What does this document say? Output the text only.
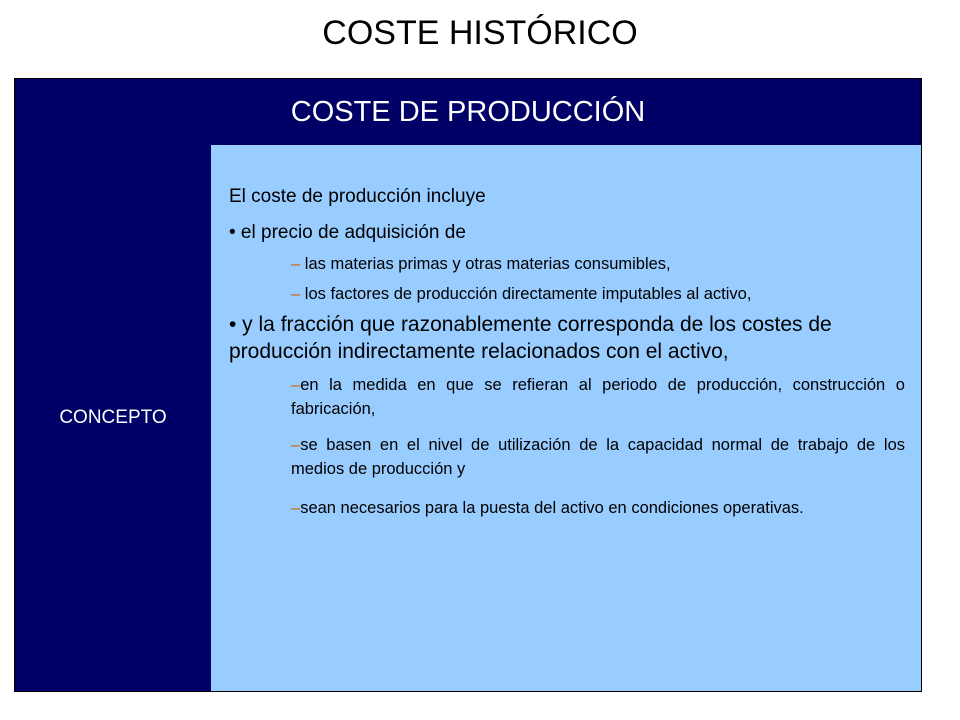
COSTE HISTÓRICO
COSTE DE PRODUCCIÓN
CONCEPTO

El coste de producción incluye

• el precio de adquisición de

– las materias primas y otras materias consumibles,

– los factores de producción directamente imputables al activo,

• y la fracción que razonablemente corresponda de los costes de producción indirectamente relacionados con el activo,

–en la medida en que se refieran al periodo de producción, construcción o fabricación,

–se basen en el nivel de utilización de la capacidad normal de trabajo de los medios de producción y

–sean necesarios para la puesta del activo en condiciones operativas.
